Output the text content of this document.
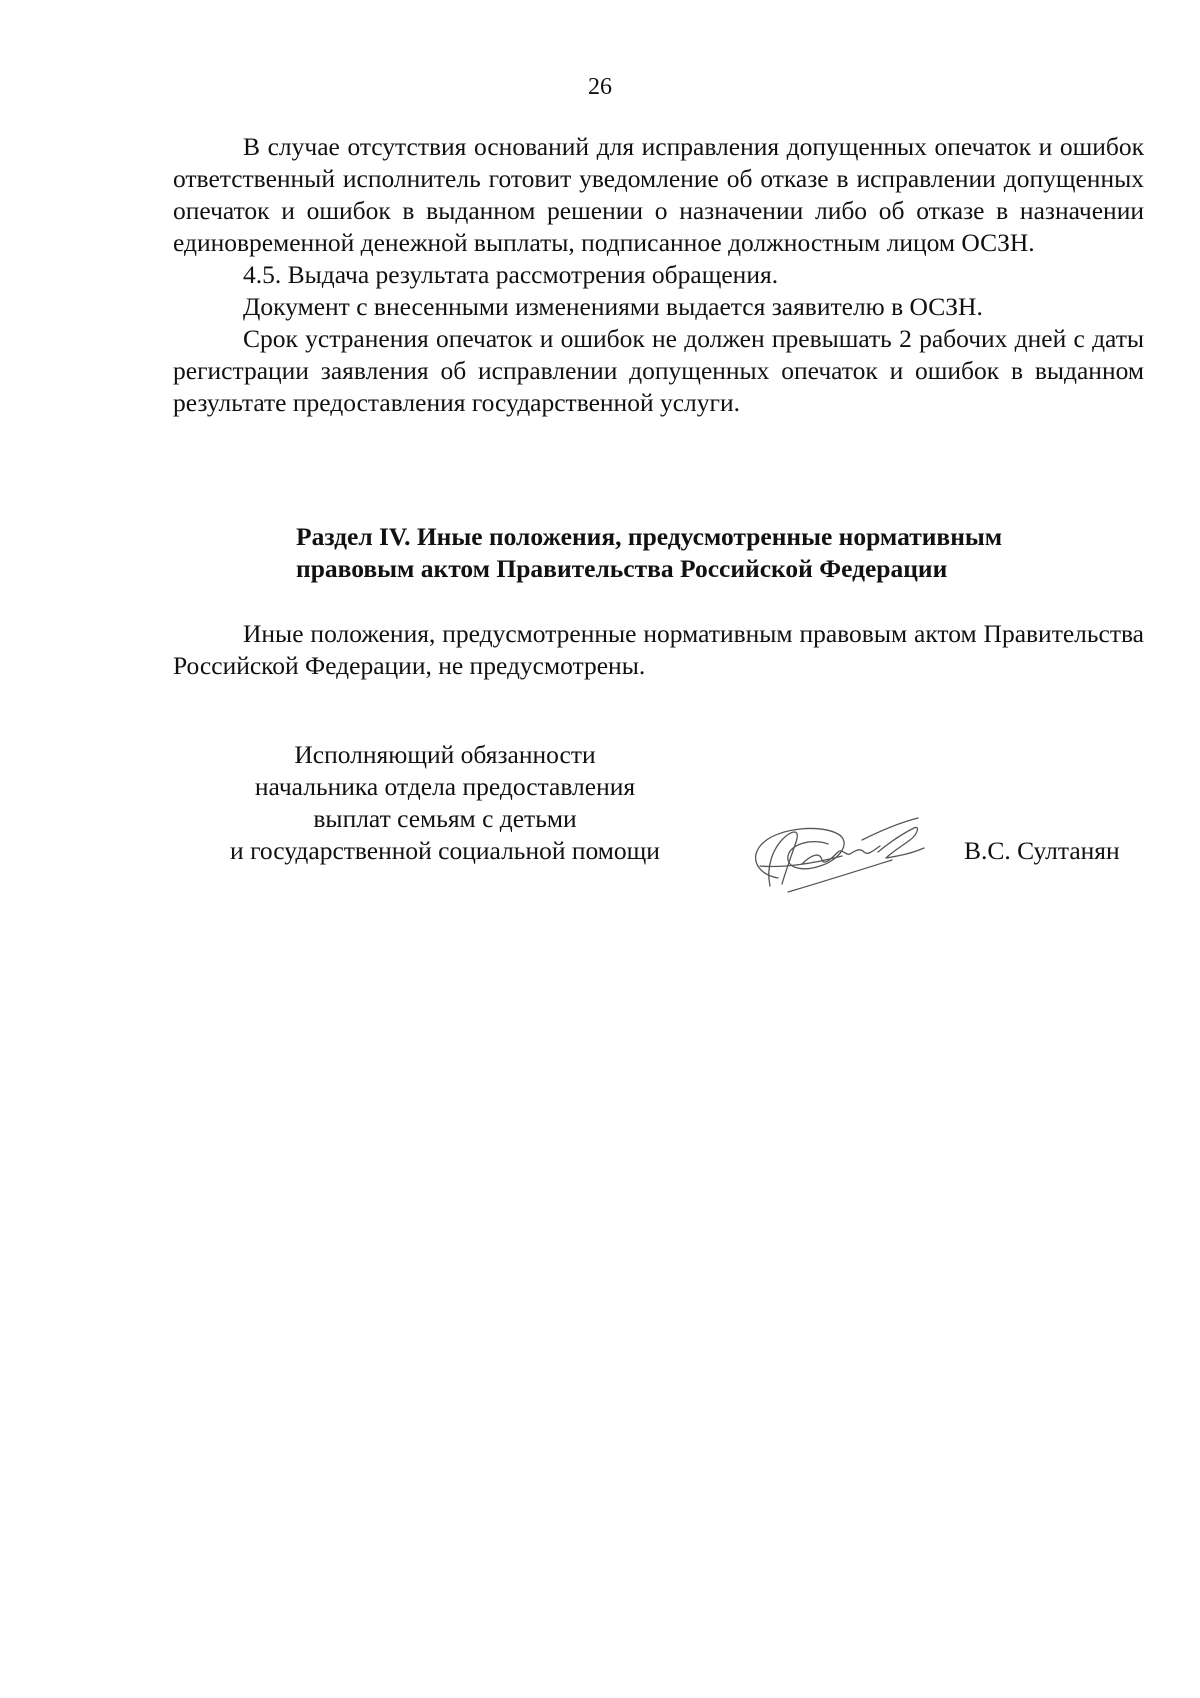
26

В случае отсутствия оснований для исправления допущенных опечаток и ошибок ответственный исполнитель готовит уведомление об отказе в исправлении допущенных опечаток и ошибок в выданном решении о назначении либо об отказе в назначении единовременной денежной выплаты, подписанное должностным лицом ОСЗН.

4.5. Выдача результата рассмотрения обращения.

Документ с внесенными изменениями выдается заявителю в ОСЗН.

Срок устранения опечаток и ошибок не должен превышать 2 рабочих дней с даты регистрации заявления об исправлении допущенных опечаток и ошибок в выданном результате предоставления государственной услуги.

Раздел IV. Иные положения, предусмотренные нормативным
правовым актом Правительства Российской Федерации

Иные положения, предусмотренные нормативным правовым актом Правительства Российской Федерации, не предусмотрены.

Исполняющий обязанности
начальника отдела предоставления
выплат семьям с детьми
и государственной социальной помощи	В.С. Султанян
